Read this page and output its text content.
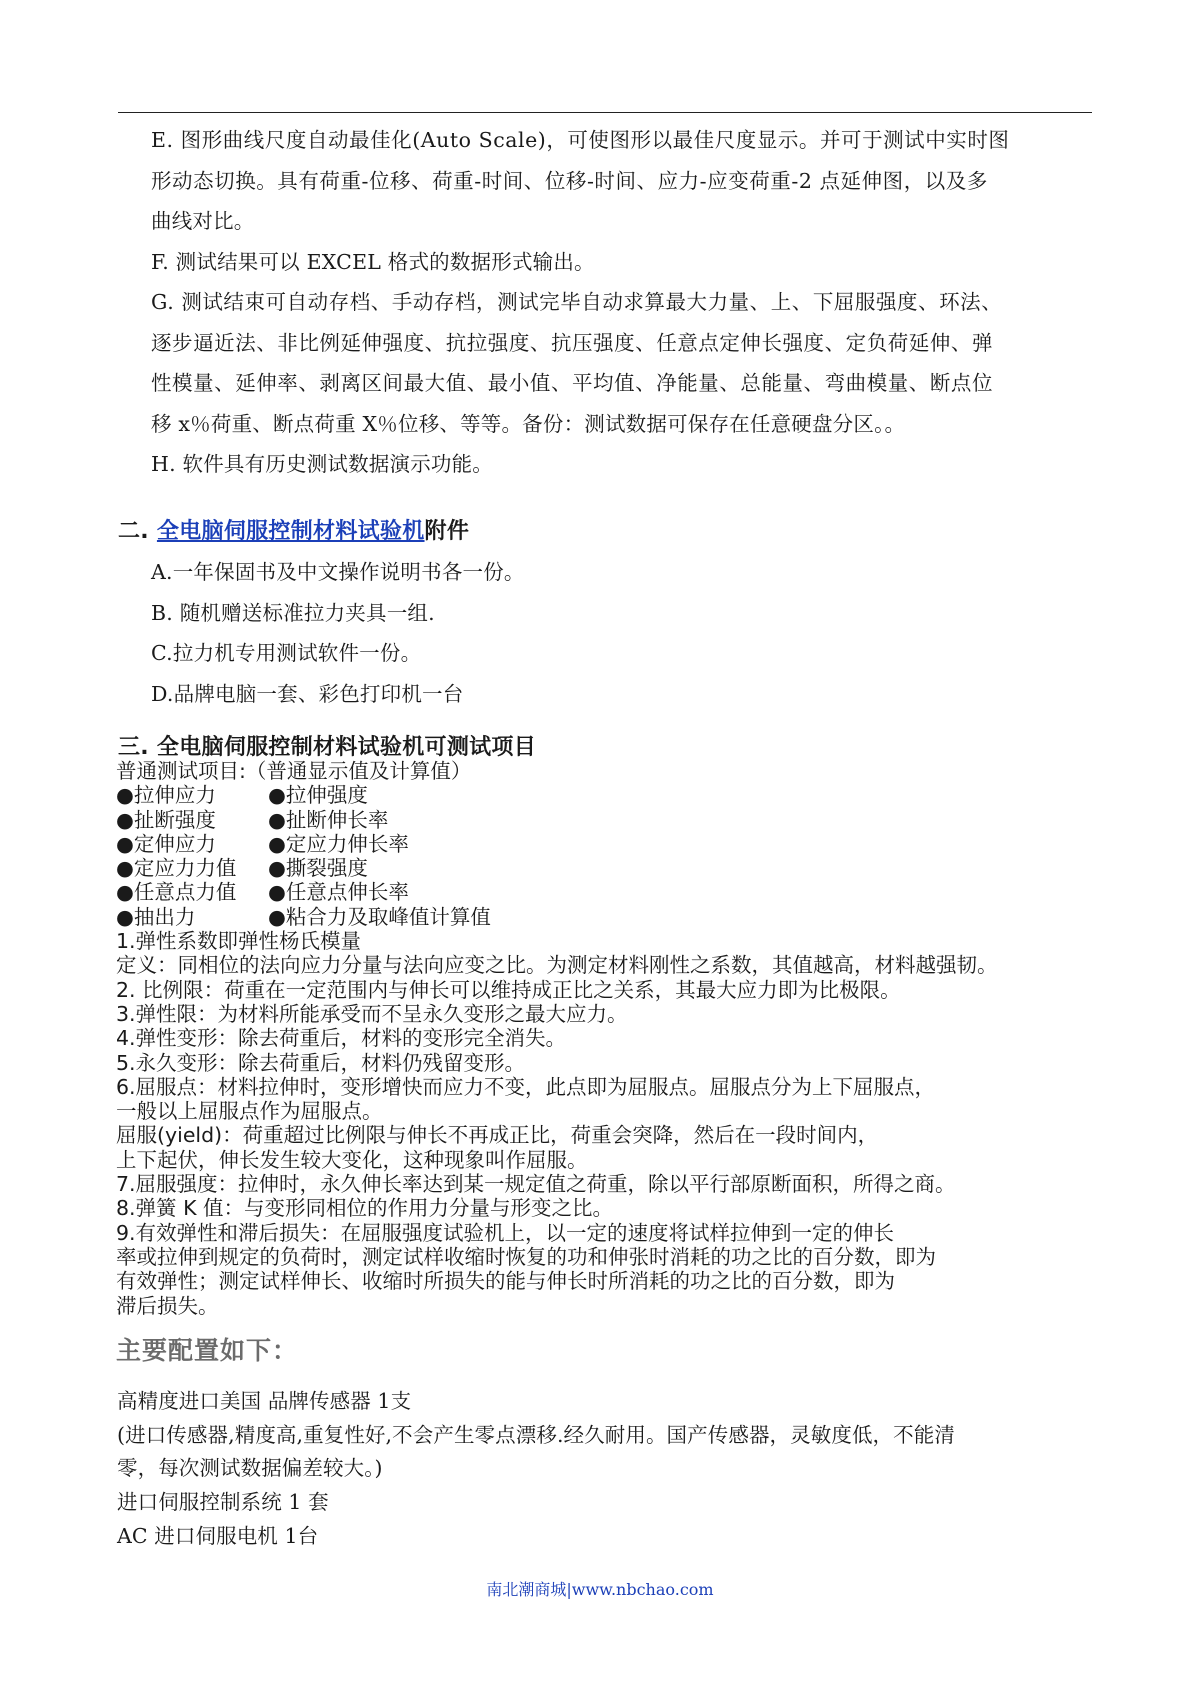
E. 图形曲线尺度自动最佳化(Auto Scale)，可使图形以最佳尺度显示。并可于测试中实时图

形动态切换。具有荷重-位移、荷重-时间、位移-时间、应力-应变荷重-2 点延伸图，以及多

曲线对比。

F. 测试结果可以 EXCEL 格式的数据形式输出。

G. 测试结束可自动存档、手动存档，测试完毕自动求算最大力量、上、下屈服强度、环法、

逐步逼近法、非比例延伸强度、抗拉强度、抗压强度、任意点定伸长强度、定负荷延伸、弹

性模量、延伸率、剥离区间最大值、最小值、平均值、净能量、总能量、弯曲模量、断点位

移 x％荷重、断点荷重 X％位移、等等。备份：测试数据可保存在任意硬盘分区。。

H. 软件具有历史测试数据演示功能。

二. 全电脑伺服控制材料试验机附件

A.一年保固书及中文操作说明书各一份。

B. 随机赠送标准拉力夹具一组.

C.拉力机专用测试软件一份。

D.品牌电脑一套、彩色打印机一台

三. 全电脑伺服控制材料试验机可测试项目
普通测试项目:（普通显示值及计算值）
●拉伸应力	●拉伸强度
●扯断强度	●扯断伸长率
●定伸应力	●定应力伸长率
●定应力力值	●撕裂强度
●任意点力值	●任意点伸长率
●抽出力	●粘合力及取峰值计算值
1.弹性系数即弹性杨氏模量
定义：同相位的法向应力分量与法向应变之比。为测定材料刚性之系数，其值越高，材料越强韧。
2. 比例限：荷重在一定范围内与伸长可以维持成正比之关系，其最大应力即为比极限。
3.弹性限：为材料所能承受而不呈永久变形之最大应力。
4.弹性变形：除去荷重后，材料的变形完全消失。
5.永久变形：除去荷重后，材料仍残留变形。
6.屈服点：材料拉伸时，变形增快而应力不变，此点即为屈服点。屈服点分为上下屈服点，
一般以上屈服点作为屈服点。
屈服(yield)：荷重超过比例限与伸长不再成正比，荷重会突降，然后在一段时间内，
上下起伏，伸长发生较大变化，这种现象叫作屈服。
7.屈服强度：拉伸时，永久伸长率达到某一规定值之荷重，除以平行部原断面积，所得之商。
8.弹簧 K 值：与变形同相位的作用力分量与形变之比。
9.有效弹性和滞后损失：在屈服强度试验机上，以一定的速度将试样拉伸到一定的伸长
率或拉伸到规定的负荷时，测定试样收缩时恢复的功和伸张时消耗的功之比的百分数，即为
有效弹性；测定试样伸长、收缩时所损失的能与伸长时所消耗的功之比的百分数，即为
滞后损失。
主要配置如下：

高精度进口美国 品牌传感器 1支

(进口传感器,精度高,重复性好,不会产生零点漂移.经久耐用。国产传感器，灵敏度低，不能清

零，每次测试数据偏差较大。)

进口伺服控制系统 1 套

AC 进口伺服电机 1台

南北潮商城|www.nbchao.com
